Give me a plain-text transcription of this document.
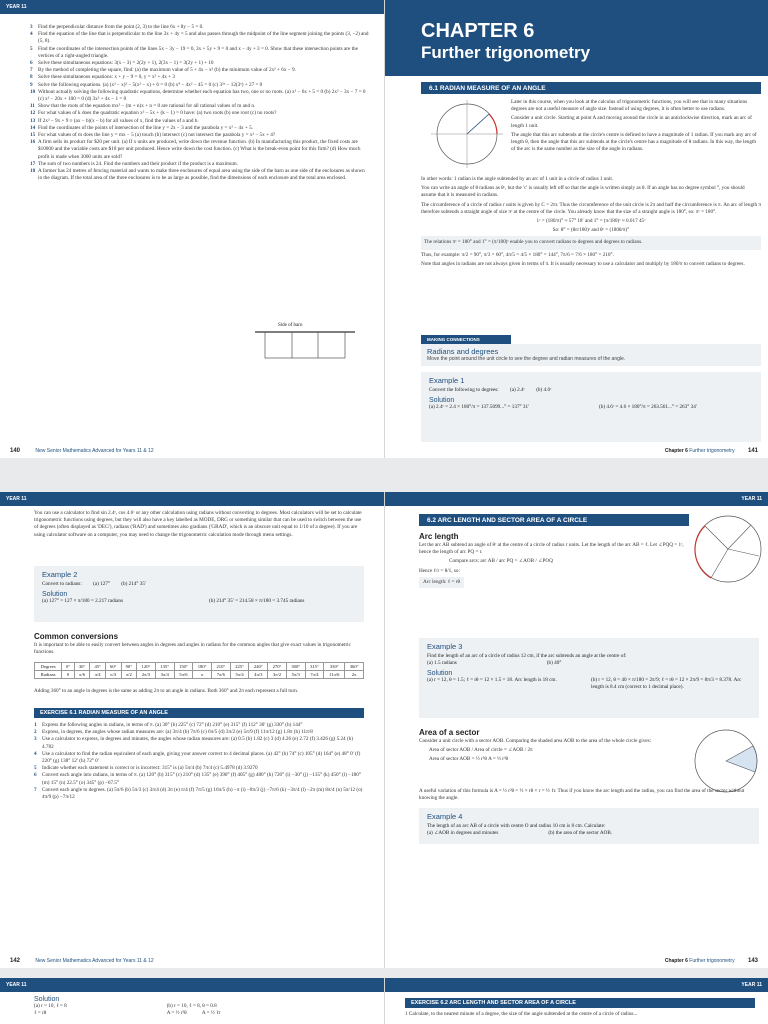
YEAR 11
3 Find the perpendicular distance from the point (2, 3) to the line 6x + 8y − 5 = 0.
4 Find the equation of the line that is perpendicular to the line 3x + 4y = 5 and also passes through the midpoint of the line segment joining the points (3, −2) and (5, 8).
5 Find the coordinates of the intersection points of the lines 5x − 3y − 19 = 0, 3x + 5y + 9 = 0 and x − 4y + 3 = 0. Show that these intersection points are the vertices of a right-angled triangle.
6 Solve these simultaneous equations: 3(x − 3) = 2(2y + 1), 2(3x − 1) = 3(2y + 1) + 10
7 By the method of completing the square, find: (a) the maximum value of 5 + 4x − x² (b) the minimum value of 2x² + 6x − 9.
8 Solve these simultaneous equations: x + y − 9 = 0, y = x² + 4x + 3
9 Solve the following equations. (a) (x² − x)² − 5(x² − x) + 6 = 0 (b) x⁴ − 4x² − 45 = 0 (c) 3²ˣ − 12(3ˣ) + 27 = 0
10 Without actually solving the following quadratic equations, determine whether each equation has two, one or no roots. (a) x² − 6x + 5 = 0 (b) 2x² − 3x − 7 = 0 (c) x² − 20x + 100 = 0 (d) 3x² + 4x − 1 = 0
11 Show that the roots of the equation mx² − (m + n)x + n = 0 are rational for all rational values of m and n.
12 For what values of k does the quadratic equation x² − 5x + (k − 1) = 0 have: (a) two roots (b) one root (c) no roots?
13 If 2x² − 9x + 9 ≡ (ax − b)(x − b) for all values of x, find the values of a and b.
14 Find the coordinates of the points of intersection of the line y = 2x − 3 and the parabola y = x² − 4x + 5.
15 For what values of m does the line y = mx − 5 (a) touch (b) intersect (c) not intersect the parabola y = x² − 5x + 4?
16 A firm sells its product for $20 per unit. (a) If x units are produced, write down the revenue function. (b) In manufacturing this product, the fixed costs are $10000 and the variable costs are $10 per unit produced. Hence write down the cost function. (c) What is the break-even point for this firm? (d) How much profit is made when 3000 units are sold?
17 The sum of two numbers is 24. Find the numbers and their product if the product is a maximum.
18 A farmer has 24 metres of fencing material and wants to make three enclosures of equal area using the side of the barn as one side of the enclosures as shown in the diagram. If the total area of the three enclosures is to be as large as possible, find the dimensions of each enclosure and the total area enclosed.
Side of barn
140	New Senior Mathematics Advanced for Years 11 & 12
CHAPTER 6
Further trigonometry
6.1 RADIAN MEASURE OF AN ANGLE

Later in this course, when you look at the calculus of trigonometric functions, you will see that in many situations degrees are not a useful measure of angle size. Instead of using degrees, it is often better to use radians.

Consider a unit circle. Starting at point A and moving around the circle in an anticlockwise direction, mark an arc of length 1 unit.

The angle that this arc subtends at the circle's centre is defined to have a magnitude of 1 radian. If you mark any arc of length θ, then the angle that this arc subtends at the circle's centre has a magnitude of θ radians. In this way, the length of the arc is the same number as the size of the angle in radians.

In other words: 1 radian is the angle subtended by an arc of 1 unit in a circle of radius 1 unit.

You can write an angle of θ radians as θᶜ, but the 'c' is usually left off so that the angle is written simply as θ. If an angle has no degree symbol °, you should assume that it is measured in radians.

The circumference of a circle of radius r units is given by C = 2πr. Thus the circumference of the unit circle is 2π and half the circumference is π. An arc of length π therefore subtends a straight angle of size πᶜ at the centre of the circle. You already know that the size of a straight angle is 180°, so: πᶜ = 180°.

1ᶜ = (180/π)° ≈ 57° 18′ and 1° = (π/180)ᶜ ≈ 0.017 45ᶜ

So: θ° = (θπ/180)ᶜ and θᶜ = (180θ/π)°

The relations πᶜ = 180° and 1° = (π/180)ᶜ enable you to convert radians to degrees and degrees to radians.

Thus, for example: π/2 = 90°, π/3 = 60°, 4π/5 = 4/5 × 180° = 144°, 7π/6 = 7/6 × 180° = 210°.

Note that angles in radians are not always given in terms of π. It is usually necessary to use a calculator and multiply by 180/π to convert radians to degrees.

MAKING CONNECTIONS
Radians and degrees
Move the point around the unit circle to see the degree and radian measures of the angle.
Example 1
Convert the following to degrees: (a) 2.4ᶜ (b) 4.6ᶜ
Solution
(a) 2.4ᶜ = 2.4 × 180°/π = 137.5099...° = 137° 31′	(b) 4.6ᶜ = 4.6 × 180°/π = 263.561...° = 263° 34′
Chapter 6 Further trigonometry 141
YEAR 11
You can use a calculator to find sin 2.4ᶜ, cos 4.6ᶜ or any other calculation using radians without converting to degrees. Most calculators will be set to calculate trigonometric functions using degrees, but they will also have a key labelled as MODE, DRG or something similar that can be used to switch between the use of degrees (often displayed as 'DEG'), radians ('RAD') and sometimes also gradians ('GRAD', which is an obscure unit equal to 1/10 of a degree). If you are using calculator software on a computer, you may need to change the trigonometric calculation mode through menu settings.
Example 2
Convert to radians: (a) 127° (b) 214° 35′
Solution
(a) 127° = 127 × π/180 = 2.217 radians	(b) 214° 35′ = 214.58 × π/180 = 3.745 radians
Common conversions
It is important to be able to easily convert between angles in degrees and angles in radians for the common angles that give exact values in trigonometric functions.
Degrees	0°	30°	45°	60°	90°	120°	135°	150°	180°	210°	225°	240°	270°	300°	315°	330°	360°
Radians	0	π/6	π/4	π/3	π/2	2π/3	3π/4	5π/6	π	7π/6	5π/4	4π/3	3π/2	5π/3	7π/4	11π/6	2π
Adding 360° to an angle in degrees is the same as adding 2π to an angle in radians. Both 360° and 2π each represent a full turn.
EXERCISE 6.1 RADIAN MEASURE OF AN ANGLE
1 Express the following angles in radians, in terms of π. (a) 30° (b) 225° (c) 72° (d) 210° (e) 315° (f) 112° 30′ (g) 330° (h) 144°
2 Express, in degrees, the angles whose radian measures are: (a) 3π/4 (b) 7π/6 (c) 6π/5 (d) 3π/2 (e) 5π/9 (f) 11π/12 (g) 1.8π (h) 11π/8
3 Use a calculator to express, in degrees and minutes, the angles whose radian measures are: (a) 0.5 (b) 1.82 (c) 3 (d) 4.26 (e) 2.72 (f) 3.426 (g) 5.24 (h) 4.782
4 Use a calculator to find the radian equivalent of each angle, giving your answer correct to 4 decimal places. (a) 42° (b) 74° (c) 105° (d) 164° (e) 48° 0′ (f) 220° (g) 138° 12′ (h) 72° 0′
5 Indicate whether each statement is correct or is incorrect: 315° is (a) 5π/4 (b) 7π/4 (c) 5.4978 (d) 3.9270
6 Convert each angle into radians, in terms of π. (a) 120° (b) 315° (c) 210° (d) 135° (e) 390° (f) 405° (g) 480° (h) 720° (i) −30° (j) −135° (k) 450° (l) −180° (m) 15° (n) 22.5° (o) 345° (p) −67.5°
7 Convert each angle to degrees. (a) 5π/6 (b) 5π/3 (c) 3π/4 (d) 3π (e) π/4 (f) 7π/5 (g) 16π/5 (h) −π (i) −8π/3 (j) −7π/6 (k) −3π/4 (l) −2π (m) 8π/4 (n) 5π/12 (o) 4π/9 (p) −7π/12
142	New Senior Mathematics Advanced for Years 11 & 12
YEAR 11
6.2 ARC LENGTH AND SECTOR AREA OF A CIRCLE
Arc length

Let the arc AB subtend an angle of θᶜ at the centre of a circle of radius r units. Let the length of the arc AB = ℓ. Let ∠PQQ = 1ᶜ, hence the length of arc PQ = r.

Compare arcs: arc AB / arc PQ = ∠AOB / ∠POQ

Hence ℓ/r = θ/1, so:

Arc length: ℓ = rθ

Example 3
Find the length of an arc of a circle of radius 12 cm, if the arc subtends an angle at the centre of:
(a) 1.5 radians	(b) 40°
Solution
(a) r = 12, θ = 1.5; ℓ = rθ = 12 × 1.5 = 18. Arc length is 18 cm.	(b) r = 12, θ = 40 × π/180 = 2π/9; ℓ = rθ = 12 × 2π/9 = 8π/3 = 8.378. Arc length is 8.4 cm (correct to 1 decimal place).
Area of a sector

Consider a unit circle with a sector AOB. Comparing the shaded area AOB to the area of the whole circle gives:

Area of sector AOB / Area of circle = ∠AOB / 2π

Area of sector AOB = ½ r²θ A = ½ r²θ

A useful variation of this formula is A = ½ r²θ = ½ × rθ × r = ½ ℓr. Thus if you know the arc length and the radius, you can find the area of the sector without knowing the angle.
Example 4
The length of an arc AB of a circle with centre O and radius 10 cm is 8 cm. Calculate:
(a) ∠AOB in degrees and minutes	(b) the area of the sector AOB.
Chapter 6 Further trigonometry 143
YEAR 11
Solution
(a) r = 10, ℓ = 8
ℓ = rθ
(b) r = 10, ℓ = 8, θ = 0.8
A = ½ r²θ	A = ½ ℓr
YEAR 11
EXERCISE 6.2 ARC LENGTH AND SECTOR AREA OF A CIRCLE
1 Calculate, to the nearest minute of a degree, the size of the angle subtended at the centre of a circle of radius...
